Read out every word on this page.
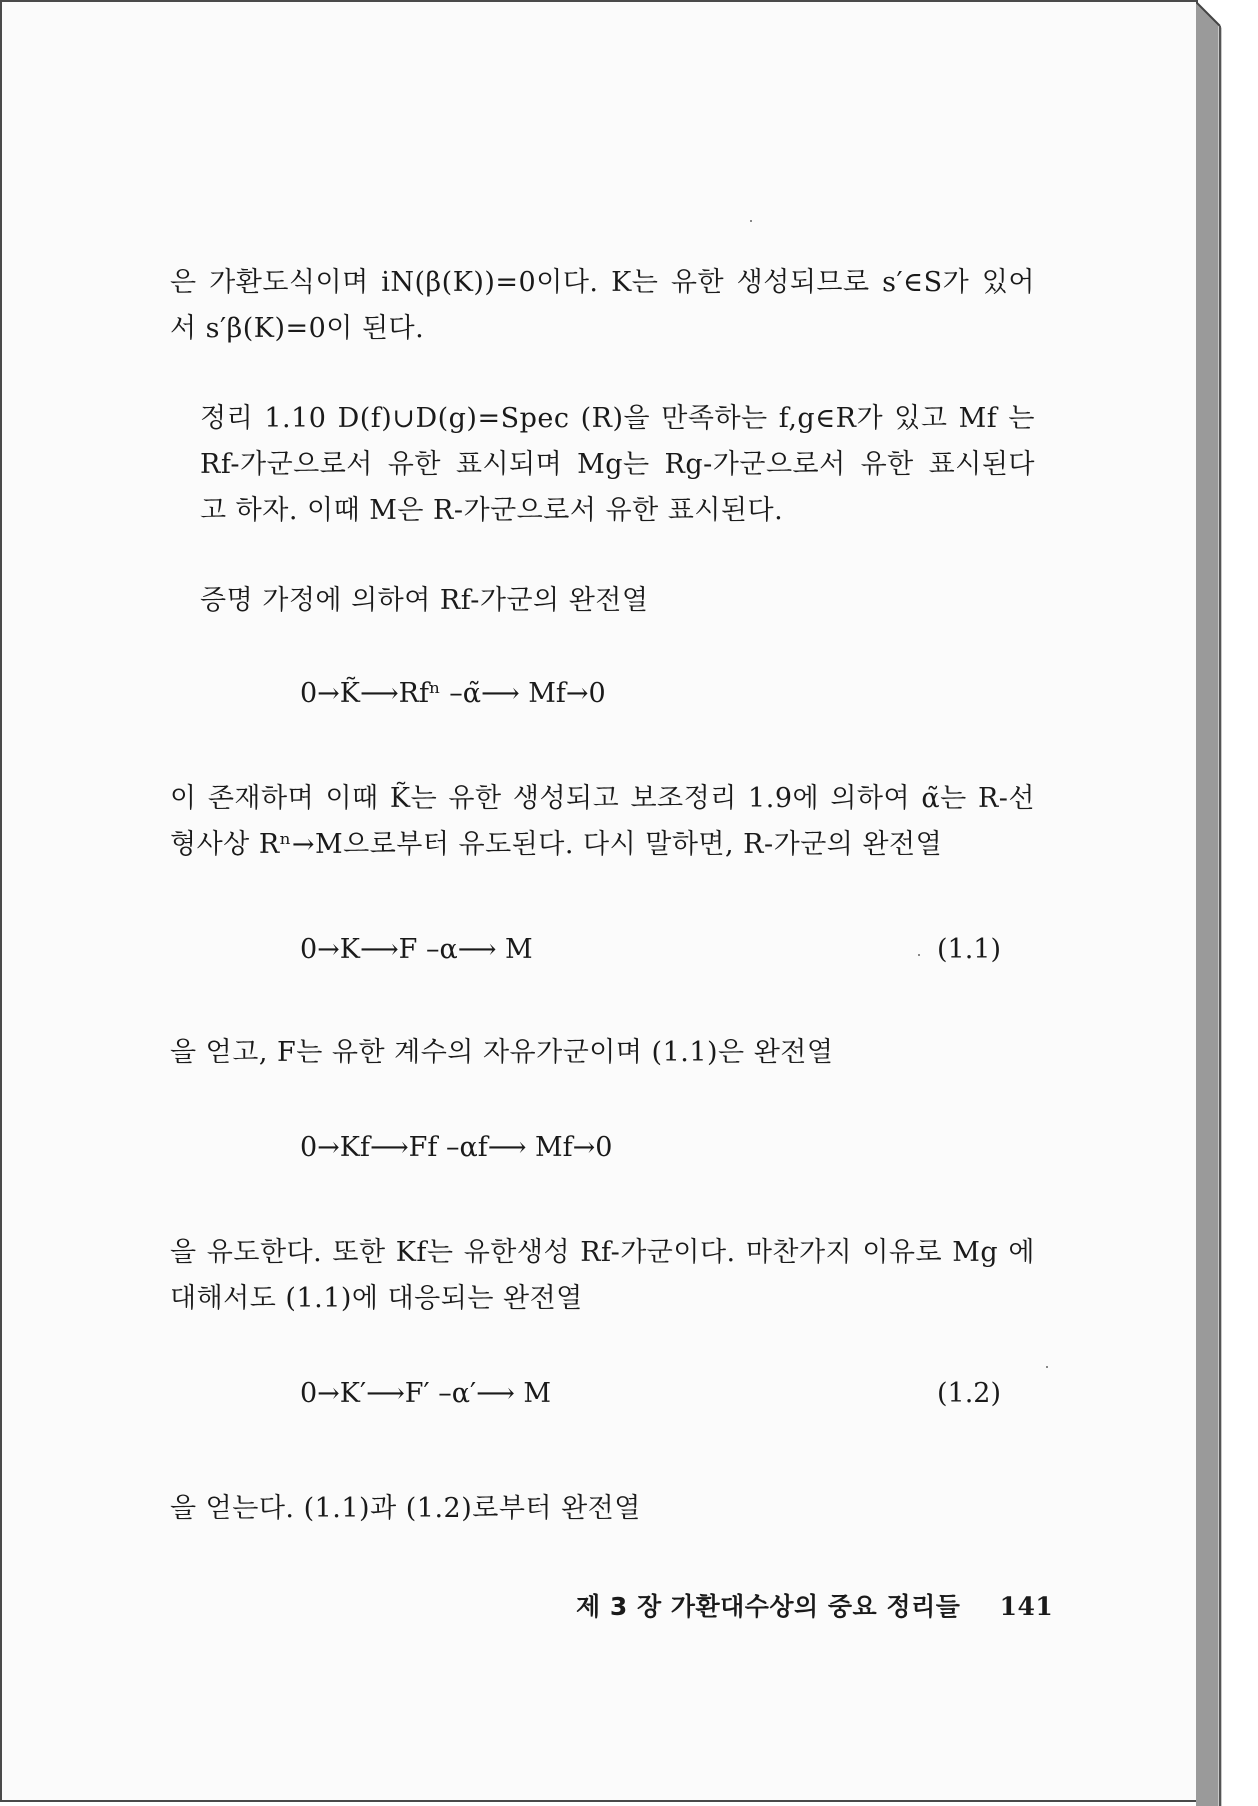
은 가환도식이며 iN(β(K))=0이다. K는 유한 생성되므로 s′∈S가 있어 서 s′β(K)=0이 된다.

정리 1.10 D(f)∪D(g)=Spec (R)을 만족하는 f,g∈R가 있고 Mf 는 Rf-가군으로서 유한 표시되며 Mg는 Rg-가군으로서 유한 표시된다 고 하자. 이때 M은 R-가군으로서 유한 표시된다.

증명 가정에 의하여 Rf-가군의 완전열

0→K̃⟶Rfⁿ –α̃⟶ Mf→0

이 존재하며 이때 K̃는 유한 생성되고 보조정리 1.9에 의하여 α̃는 R-선형사상 Rⁿ→M으로부터 유도된다. 다시 말하면, R-가군의 완전열

0→K⟶F –α⟶ M	(1.1)

을 얻고, F는 유한 계수의 자유가군이며 (1.1)은 완전열

0→Kf⟶Ff –αf⟶ Mf→0

을 유도한다. 또한 Kf는 유한생성 Rf-가군이다. 마찬가지 이유로 Mg 에 대해서도 (1.1)에 대응되는 완전열

0→K′⟶F′ –α′⟶ M	(1.2)

을 얻는다. (1.1)과 (1.2)로부터 완전열

제 3 장 가환대수상의 중요 정리들 141
